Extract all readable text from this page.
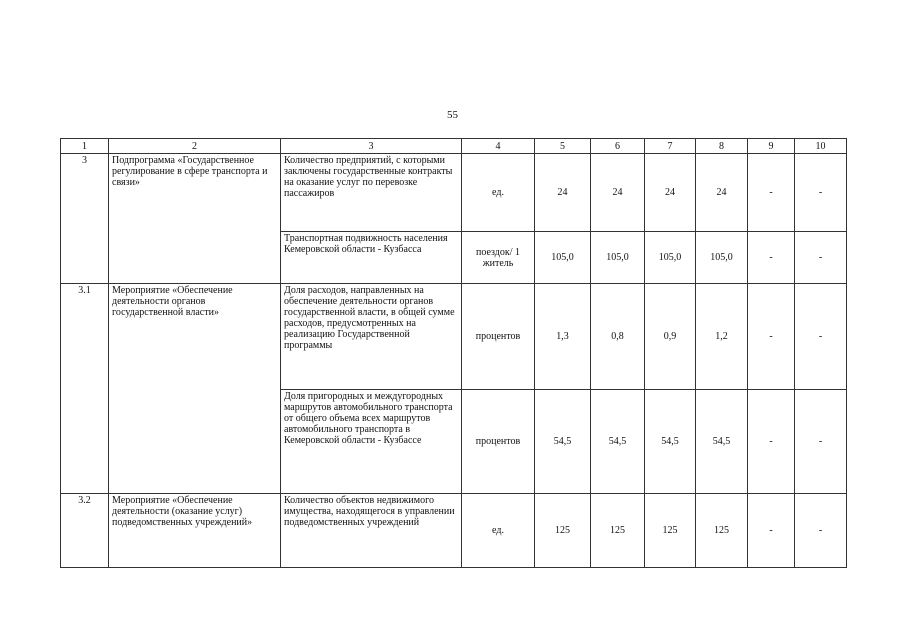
55
1	2	3	4	5	6	7	8	9	10
3	Подпрограмма «Государственное регулирование в сфере транспорта и связи»	Количество предприятий, с которыми заключены государственные контракты на оказание услуг по перевозке пассажиров	ед.	24	24	24	24	-	-
		Транспортная подвижность населения Кемеровской области - Кузбасса	поездок/ 1 житель	105,0	105,0	105,0	105,0	-	-
3.1	Мероприятие «Обеспечение деятельности органов государственной власти»	Доля расходов, направленных на обеспечение деятельности органов государственной власти, в общей сумме расходов, предусмотренных на реализацию Государственной программы	процентов	1,3	0,8	0,9	1,2	-	-
		Доля пригородных и междугородных маршрутов автомобильного транспорта от общего объема всех маршрутов автомобильного транспорта в Кемеровской области - Кузбассе	процентов	54,5	54,5	54,5	54,5	-	-
3.2	Мероприятие «Обеспечение деятельности (оказание услуг) подведомственных учреждений»	Количество объектов недвижимого имущества, находящегося в управлении подведомственных учреждений	ед.	125	125	125	125	-	-
